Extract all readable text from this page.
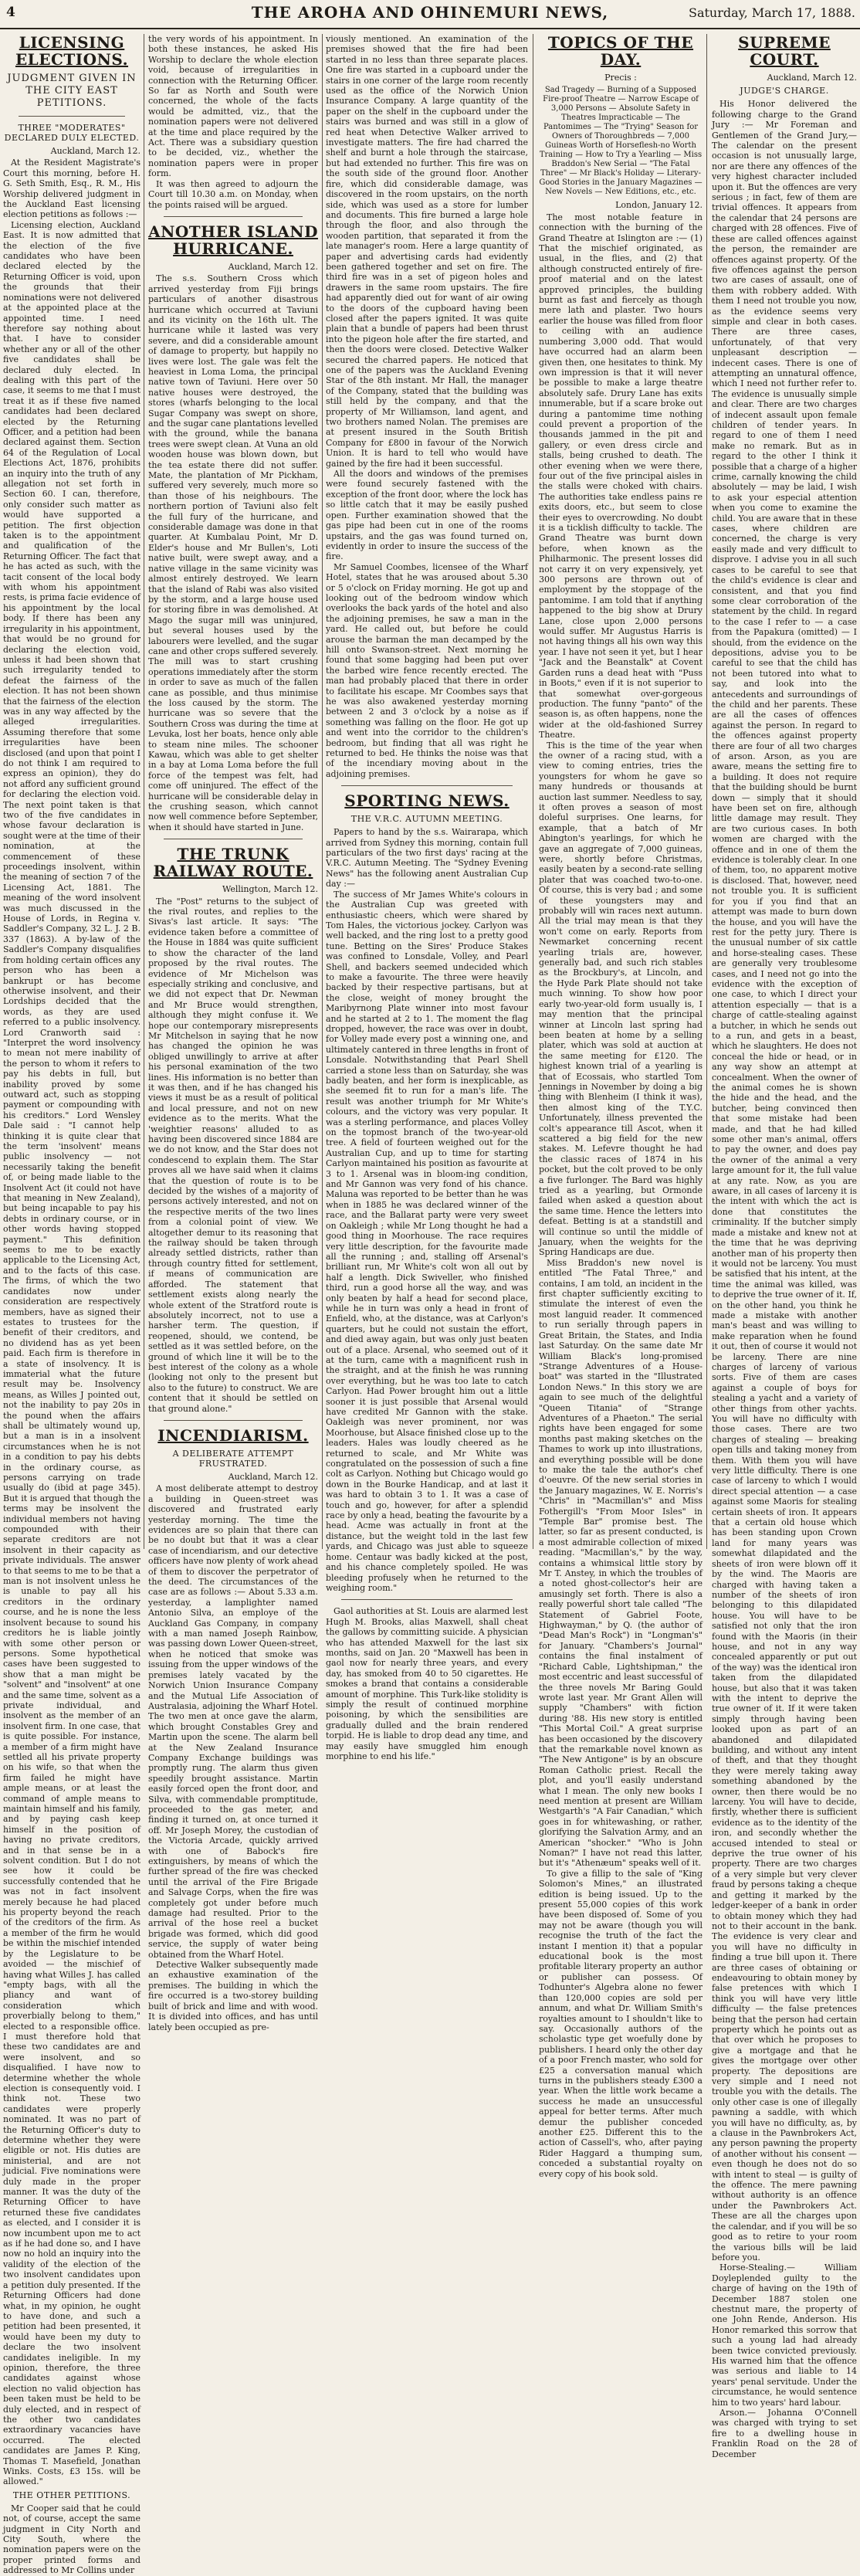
4	THE AROHA AND OHINEMURI NEWS,	Saturday, March 17, 1888.
LICENSING ELECTIONS.
JUDGMENT GIVEN IN THE CITY EAST PETITIONS.
THREE "MODERATES" DECLARED DULY ELECTED.
Auckland, March 12.

At the Resident Magistrate's Court this morning, before H. G. Seth Smith, Esq., R. M., His Worship delivered judgment in the Auckland East licensing election petitions as follows :—

Licensing election, Auckland East. It is now admitted that the election of the five candidates who have been declared elected by the Returning Officer is void, upon the grounds that their nominations were not delivered at the appointed place at the appointed time. I need therefore say nothing about that. I have to consider whether any or all of the other five candidates shall be declared duly elected. In dealing with this part of the case, it seems to me that I must treat it as if these five named candidates had been declared elected by the Returning Officer, and a petition had been declared against them. Section 64 of the Regulation of Local Elections Act, 1876, prohibits an inquiry into the truth of any allegation not set forth in Section 60. I can, therefore, only consider such matter as would have supported a petition. The first objection taken is to the appointment and qualification of the Returning Officer. The fact that he has acted as such, with the tacit consent of the local body with whom his appointment rests, is prima facie evidence of his appointment by the local body. If there has been any irregularity in his appointment, that would be no ground for declaring the election void, unless it had been shown that such irregularity tended to defeat the fairness of the election. It has not been shown that the fairness of the election was in any way affected by the alleged irregularities. Assuming therefore that some irregularities have been disclosed (and upon that point I do not think I am required to express an opinion), they do not afford any sufficient ground for declaring the election void. The next point taken is that two of the five candidates in whose favour declaration is sought were at the time of their nomination, at the commencement of these proceedings insolvent, within the meaning of section 7 of the Licensing Act, 1881. The meaning of the word insolvent was much discussed in the House of Lords, in Regina v. Saddler's Company, 32 L. J. 2 B. 337 (1863). A by-law of the Saddler's Company disqualifies from holding certain offices any person who has been a bankrupt or has become otherwise insolvent, and their Lordships decided that the words, as they are used referred to a public insolvency. Lord Cranworth said : "Interpret the word insolvency to mean not mere inability of the person to whom it refers to pay his debts in full, but inability proved by some outward act, such as stopping payment or compounding with his creditors." Lord Wensley Dale said : "I cannot help thinking it is quite clear that the term 'insolvent' means public insolvency — not necessarily taking the benefit of, or being made liable to the Insolvent Act (it could not have that meaning in New Zealand), but being incapable to pay his debts in ordinary course, or in other words having stopped payment." This definition seems to me to be exactly applicable to the Licensing Act, and to the facts of this case. The firms, of which the two candidates now under consideration are respectively members, have as signed their estates to trustees for the benefit of their creditors, and no dividend has as yet been paid. Each firm is therefore in a state of insolvency. It is immaterial what the future result may be. Insolvency means, as Willes J pointed out, not the inability to pay 20s in the pound when the affairs shall be ultimately wound up, but a man is in a insolvent circumstances when he is not in a condition to pay his debts in the ordinary course, as persons carrying on trade usually do (ibid at page 345). But it is argued that though the terms may be insolvent the individual members not having compounded with their separate creditors are not insolvent in their capacity as private individuals. The answer to that seems to me to be that a man is not insolvent unless he is unable to pay all his creditors in the ordinary course, and he is none the less insolvent because to sound his creditors he is liable jointly with some other person or persons. Some hypothetical cases have been suggested to show that a man might be "solvent" and "insolvent" at one and the same time, solvent as a private individual, and insolvent as the member of an insolvent firm. In one case, that is quite possible. For instance, a member of a firm might have settled all his private property on his wife, so that when the firm failed he might have ample means, or at least the command of ample means to maintain himself and his family, and by paying cash keep himself in the position of having no private creditors, and in that sense be in a solvent condition. But I do not see how it could be successfully contended that he was not in fact insolvent merely because he had placed his property beyond the reach of the creditors of the firm. As a member of the firm he would be within the mischief intended by the Legislature to be avoided — the mischief of having what Willes J. has called "empty bags, with all the pliancy and want of consideration which proverbially belong to them," elected to a responsible office. I must therefore hold that these two candidates are and were insolvent, and so disqualified. I have now to determine whether the whole election is consequently void. I think not. These two candidates were properly nominated. It was no part of the Returning Officer's duty to determine whether they were eligible or not. His duties are ministerial, and are not judicial. Five nominations were duly made in the proper manner. It was the duty of the Returning Officer to have returned these five candidates as elected, and I consider it is now incumbent upon me to act as if he had done so, and I have now no hold an inquiry into the validity of the election of the two insolvent candidates upon a petition duly presented. If the Returning Officers had done what, in my opinion, he ought to have done, and such a petition had been presented, it would have been my duty to declare the two insolvent candidates ineligible. In my opinion, therefore, the three candidates against whose election no valid objection has been taken must be held to be duly elected, and in respect of the other two candidates extraordinary vacancies have occurred. The elected candidates are James P. King, Thomas T. Masefield, Jonathan Winks. Costs, £3 15s. will be allowed."

THE OTHER PETITIONS.

Mr Cooper said that he could not, of course, accept the same judgment in City North and City South, where the nomination papers were on the proper printed forms and addressed to Mr Collins under

the very words of his appointment. In both these instances, he asked His Worship to declare the whole election void, because of irregularities in connection with the Returning Officer. So far as North and South were concerned, the whole of the facts would be admitted, viz., that the nomination papers were not delivered at the time and place required by the Act. There was a subsidiary question to be decided, viz., whether the nomination papers were in proper form.

It was then agreed to adjourn the Court till 10.30 a.m. on Monday, when the points raised will be argued.

ANOTHER ISLAND HURRICANE.
Auckland, March 12.

The s.s. Southern Cross which arrived yesterday from Fiji brings particulars of another disastrous hurricane which occurred at Taviuni and its vicinity on the 16th ult. The hurricane while it lasted was very severe, and did a considerable amount of damage to property, but happily no lives were lost. The gale was felt the heaviest in Loma Loma, the principal native town of Taviuni. Here over 50 native houses were destroyed, the stores (wharfs belonging to the local Sugar Company was swept on shore, and the sugar cane plantations levelled with the ground, while the banana trees were swept clean. At Vuna an old wooden house was blown down, but the tea estate there did not suffer. Mate, the plantation of Mr Pickham, suffered very severely, much more so than those of his neighbours. The northern portion of Taviuni also felt the full fury of the hurricane, and considerable damage was done in that quarter. At Kumbalau Point, Mr D. Elder's house and Mr Bullen's, Loti native built, were swept away, and a native village in the same vicinity was almost entirely destroyed. We learn that the island of Rabi was also visited by the storm, and a large house used for storing fibre in was demolished. At Mago the sugar mill was uninjured, but several houses used by the labourers were levelled, and the sugar cane and other crops suffered severely. The mill was to start crushing operations immediately after the storm in order to save as much of the fallen cane as possible, and thus minimise the loss caused by the storm. The hurricane was so severe that the Southern Cross was during the time at Levuka, lost her boats, hence only able to steam nine miles. The schooner Kawau, which was able to get shelter in a bay at Loma Loma before the full force of the tempest was felt, had come off uninjured. The effect of the hurricane will be considerable delay in the crushing season, which cannot now well commence before September, when it should have started in June.

THE TRUNK RAILWAY ROUTE.
Wellington, March 12.

The "Post" returns to the subject of the rival routes, and replies to the Sivas's last article. It says: "The evidence taken before a committee of the House in 1884 was quite sufficient to show the character of the land proposed by the rival routes. The evidence of Mr Michelson was especially striking and conclusive, and we did not expect that Dr. Newman and Mr Bruce would strengthen, although they might confuse it. We hope our contemporary misrepresents Mr Mitchelson in saying that he now has changed the opinion he was obliged unwillingly to arrive at after his personal examination of the two lines. His information is no better than it was then, and if he has changed his views it must be as a result of political and local pressure, and not on new evidence as to the merits. What the 'weightier reasons' alluded to as having been discovered since 1884 are we do not know, and the Star does not condescend to explain them. The Star proves all we have said when it claims that the question of route is to be decided by the wishes of a majority of persons actively interested, and not on the respective merits of the two lines from a colonial point of view. We altogether demur to its reasoning that the railway should be taken through already settled districts, rather than through country fitted for settlement, if means of communication are afforded. The statement that settlement exists along nearly the whole extent of the Stratford route is absolutely incorrect, not to use a harsher term. The question, if reopened, should, we contend, be settled as it was settled before, on the ground of which line it will be to the best interest of the colony as a whole (looking not only to the present but also to the future) to construct. We are content that it should be settled on that ground alone."

INCENDIARISM.
A DELIBERATE ATTEMPT FRUSTRATED.
Auckland, March 12.

A most deliberate attempt to destroy a building in Queen-street was discovered and frustrated early yesterday morning. The time the evidences are so plain that there can be no doubt but that it was a clear case of incendiarism, and our detective officers have now plenty of work ahead of them to discover the perpetrator of the deed. The circumstances of the case are as follows :— About 5.33 a.m. yesterday, a lamplighter named Antonio Silva, an employe of the Auckland Gas Company, in company with a man named Joseph Rainbow, was passing down Lower Queen-street, when he noticed that smoke was issuing from the upper windows of the premises lately vacated by the Norwich Union Insurance Company and the Mutual Life Association of Australasia, adjoining the Wharf Hotel. The two men at once gave the alarm, which brought Constables Grey and Martin upon the scene. The alarm bell at the New Zealand Insurance Company Exchange buildings was promptly rung. The alarm thus given speedily brought assistance. Martin easily forced open the front door, and Silva, with commendable promptitude, proceeded to the gas meter, and finding it turned on, at once turned it off. Mr Joseph Morey, the custodian of the Victoria Arcade, quickly arrived with one of Babock's fire extinguishers, by means of which the further spread of the fire was checked until the arrival of the Fire Brigade and Salvage Corps, when the fire was completely got under before much damage had resulted. Prior to the arrival of the hose reel a bucket brigade was formed, which did good service, the supply of water being obtained from the Wharf Hotel.

Detective Walker subsequently made an exhaustive examination of the premises. The building in which the fire occurred is a two-storey building built of brick and lime and with wood. It is divided into offices, and has until lately been occupied as pre-

viously mentioned. An examination of the premises showed that the fire had been started in no less than three separate places. One fire was started in a cupboard under the stairs in one corner of the large room recently used as the office of the Norwich Union Insurance Company. A large quantity of the paper on the shelf in the cupboard under the stairs was burned and was still in a glow of red heat when Detective Walker arrived to investigate matters. The fire had charred the shelf and burnt a hole through the staircase, but had extended no further. This fire was on the south side of the ground floor. Another fire, which did considerable damage, was discovered in the room upstairs, on the north side, which was used as a store for lumber and documents. This fire burned a large hole through the floor, and also through the wooden partition, that separated it from the late manager's room. Here a large quantity of paper and advertising cards had evidently been gathered together and set on fire. The third fire was in a set of pigeon holes and drawers in the same room upstairs. The fire had apparently died out for want of air owing to the doors of the cupboard having been closed after the papers ignited. It was quite plain that a bundle of papers had been thrust into the pigeon hole after the fire started, and then the doors were closed. Detective Walker secured the charred papers. He noticed that one of the papers was the Auckland Evening Star of the 8th instant. Mr Hall, the manager of the Company, stated that the building was still held by the company, and that the property of Mr Williamson, land agent, and two brothers named Nolan. The premises are at present insured in the South British Company for £800 in favour of the Norwich Union. It is hard to tell who would have gained by the fire had it been successful.

All the doors and windows of the premises were found securely fastened with the exception of the front door, where the lock has so little catch that it may be easily pushed open. Further examination showed that the gas pipe had been cut in one of the rooms upstairs, and the gas was found turned on, evidently in order to insure the success of the fire.

Mr Samuel Coombes, licensee of the Wharf Hotel, states that he was aroused about 5.30 or 5 o'clock on Friday morning. He got up and looking out of the bedroom window which overlooks the back yards of the hotel and also the adjoining premises, he saw a man in the yard. He called out, but before he could arouse the barman the man decamped by the hill onto Swanson-street. Next morning he found that some bagging had been put over the barbed wire fence recently erected. The man had probably placed that there in order to facilitate his escape. Mr Coombes says that he was also awakened yesterday morning between 2 and 3 o'clock by a noise as if something was falling on the floor. He got up and went into the corridor to the children's bedroom, but finding that all was right he returned to bed. He thinks the noise was that of the incendiary moving about in the adjoining premises.

SPORTING NEWS.
THE V.R.C. AUTUMN MEETING.

Papers to hand by the s.s. Wairarapa, which arrived from Sydney this morning, contain full particulars of the two first days' racing at the V.R.C. Autumn Meeting. The "Sydney Evening News" has the following anent Australian Cup day :—

The success of Mr James White's colours in the Australian Cup was greeted with enthusiastic cheers, which were shared by Tom Hales, the victorious jockey. Carlyon was well backed, and the ring lost to a pretty good tune. Betting on the Sires' Produce Stakes was confined to Lonsdale, Volley, and Pearl Shell, and backers seemed undecided which to make a favourite. The three were heavily backed by their respective partisans, but at the close, weight of money brought the Maribyrnong Plate winner into most favour and he started at 2 to 1. The moment the flag dropped, however, the race was over in doubt, for Volley made every post a winning one, and ultimately cantered in three lengths in front of Lonsdale. Notwithstanding that Pearl Shell carried a stone less than on Saturday, she was badly beaten, and her form is inexplicable, as she seemed fit to run for a man's life. The result was another triumph for Mr White's colours, and the victory was very popular. It was a sterling performance, and places Volley on the topmost branch of the two-year-old tree. A field of fourteen weighed out for the Australian Cup, and up to time for starting Carlyon maintained his position as favourite at 3 to 1. Arsenal was in bloom-ing condition, and Mr Gannon was very fond of his chance. Maluna was reported to be better than he was when in 1885 he was declared winner of the race, and the Ballarat party were very sweet on Oakleigh ; while Mr Long thought he had a good thing in Moorhouse. The race requires very little description, for the favourite made all the running ; and, stalling off Arsenal's brilliant run, Mr White's colt won all out by half a length. Dick Swiveller, who finished third, run a good horse all the way, and was only beaten by half a head for second place, while he in turn was only a head in front of Enfield, who, at the distance, was at Carlyon's quarters, but he could not sustain the effort, and died away again, but was only just beaten out of a place. Arsenal, who seemed out of it at the turn, came with a magnificent rush in the straight, and at the finish he was running over everything, but he was too late to catch Carlyon. Had Power brought him out a little sooner it is just possible that Arsenal would have credited Mr Gannon with the stake. Oakleigh was never prominent, nor was Moorhouse, but Alsace finished close up to the leaders. Hales was loudly cheered as he returned to scale, and Mr White was congratulated on the possession of such a fine colt as Carlyon. Nothing but Chicago would go down in the Bourke Handicap, and at last it was hard to obtain 3 to 1. It was a case of touch and go, however, for after a splendid race by only a head, beating the favourite by a head. Acme was actually in front at the distance, but the weight told in the last few yards, and Chicago was just able to squeeze home. Centaur was badly kicked at the post, and his chance completely spoiled. He was bleeding profusely when he returned to the weighing room."

Gaol authorities at St. Louis are alarmed lest Hugh M. Brooks, alias Maxwell, shall cheat the gallows by committing suicide. A physician who has attended Maxwell for the last six months, said on Jan. 20 "Maxwell has been in gaol now for nearly three years, and every day, has smoked from 40 to 50 cigarettes. He smokes a brand that contains a considerable amount of morphine. This Turk-like stolidity is simply the result of continued morphine poisoning, by which the sensibilities are gradually dulled and the brain rendered torpid. He is liable to drop dead any time, and may easily have smuggled him enough morphine to end his life."

TOPICS OF THE DAY.
Precis :
Sad Tragedy — Burning of a Supposed Fire-proof Theatre — Narrow Escape of 3,000 Persons — Absolute Safety in Theatres Impracticable — The Pantomimes — The "Trying" Season for Owners of Thoroughbreds — 7,000 Guineas Worth of Horseflesh-no Worth Training — How to Try a Yearling — Miss Braddon's New Serial — "The Fatal Three" — Mr Black's Holiday — Literary-Good Stories in the January Magazines — New Novels — New Editions, etc., etc.
London, January 12.

The most notable feature in connection with the burning of the Grand Theatre at Islington are :— (1) That the mischief originated, as usual, in the flies, and (2) that although constructed entirely of fire-proof material and on the latest approved principles, the building burnt as fast and fiercely as though mere lath and plaster. Two hours earlier the house was filled from floor to ceiling with an audience numbering 3,000 odd. That would have occurred had an alarm been given then, one hesitates to think. My own impression is that it will never be possible to make a large theatre absolutely safe. Drury Lane has exits innumerable, but if a scare broke out during a pantomime time nothing could prevent a proportion of the thousands jammed in the pit and gallery, or even dress circle and stalls, being crushed to death. The other evening when we were there, four out of the five principal aisles in the stalls were choked with chairs. The authorities take endless pains re exits doors, etc., but seem to close their eyes to overcrowding. No doubt it is a ticklish difficulty to tackle. The Grand Theatre was burnt down before, when known as the Philharmonic. The present losses did not carry it on very expensively, yet 300 persons are thrown out of employment by the stoppage of the pantomime. I am told that if anything happened to the big show at Drury Lane, close upon 2,000 persons would suffer. Mr Augustus Harris is not having things all his own way this year. I have not seen it yet, but I hear "Jack and the Beanstalk" at Covent Garden runs a dead heat with "Puss in Boots," even if it is not superior to that somewhat over-gorgeous production. The funny "panto" of the season is, as often happens, none the wider at the old-fashioned Surrey Theatre.

This is the time of the year when the owner of a racing stud, with a view to coming entries, tries the youngsters for whom he gave so many hundreds or thousands at auction last summer. Needless to say, it often proves a season of most doleful surprises. One learns, for example, that a batch of Mr Abington's yearlings, for which he gave an aggregate of 7,000 guineas, were, shortly before Christmas, easily beaten by a second-rate selling plater that was coached two-to-one. Of course, this is very bad ; and some of these youngsters may and probably will win races next autumn. All the trial may mean is that they won't come on early. Reports from Newmarket concerning recent yearling trials are, however, generally bad, and such rich stables as the Brockbury's, at Lincoln, and the Hyde Park Plate should not take much winning. To show how poor early two-year-old form usually is, I may mention that the principal winner at Lincoln last spring had been beaten at home by a selling plater, which was sold at auction at the same meeting for £120. The highest known trial of a yearling is that of Ecossais, who startled Tom Jennings in November by doing a big thing with Blenheim (I think it was), then almost king of the T.Y.C. Unfortunately, illness prevented the colt's appearance till Ascot, when it scattered a big field for the new stakes. M. Lefevre thought he had the classic races of 1874 in his pocket, but the colt proved to be only a five furlonger. The Bard was highly tried as a yearling, but Ormonde failed when asked a question about the same time. Hence the letters into defeat. Betting is at a standstill and will continue so until the middle of January, when the weights for the Spring Handicaps are due.

Miss Braddon's new novel is entitled "The Fatal Three," and contains, I am told, an incident in the first chapter sufficiently exciting to stimulate the interest of even the most languid reader. It commenced to run serially through papers in Great Britain, the States, and India last Saturday. On the same date Mr William Black's long-promised "Strange Adventures of a House-boat" was started in the "Illustrated London News." In this story we are again to see much of the delightful "Queen Titania" of "Strange Adventures of a Phaeton." The serial rights have been engaged for some months past making sketches on the Thames to work up into illustrations, and everything possible will be done to make the tale the author's chef d'oeuvre. Of the new serial stories in the January magazines, W. E. Norris's "Chris" in "Macmillan's" and Miss Fothergill's "From Moor Isles" in "Temple Bar" promise best. The latter, so far as present conducted, is a most admirable collection of mixed reading. "Macmillan's," by the way, contains a whimsical little story by Mr T. Anstey, in which the troubles of a noted ghost-collector's heir are amusingly set forth. There is also a really powerful short tale called "The Statement of Gabriel Foote, Highwayman," by Q. (the author of "Dead Man's Rock") in "Longman's" for January. "Chambers's Journal" contains the final instalment of "Richard Cable, Lightshipman," the most eccentric and least successful of the three novels Mr Baring Gould wrote last year. Mr Grant Allen will supply "Chambers" with fiction during '88. His new story is entitled "This Mortal Coil." A great surprise has been occasioned by the discovery that the remarkable novel known as "The New Antigone" is by an obscure Roman Catholic priest. Recall the plot, and you'll easily understand what I mean. The only new books I need mention at present are William Westgarth's "A Fair Canadian," which goes in for whitewashing, or rather, glorifying the Salvation Army, and an American "shocker." "Who is John Noman?" I have not read this latter, but it's "Athenæum" speaks well of it.

To give a fillip to the sale of "King Solomon's Mines," an illustrated edition is being issued. Up to the present 55,000 copies of this work have been disposed of. Some of you may not be aware (though you will recognise the truth of the fact the instant I mention it) that a popular educational book is the most profitable literary property an author or publisher can possess. Of Todhunter's Algebra alone no fewer than 120,000 copies are sold per annum, and what Dr. William Smith's royalties amount to I shouldn't like to say. Occasionally authors of the scholastic type get woefully done by publishers. I heard only the other day of a poor French master, who sold for £25 a conversation manual which turns in the publishers steady £300 a year. When the little work became a success he made an unsuccessful appeal for better terms. After much demur the publisher conceded another £25. Different this to the action of Cassell's, who, after paying Rider Haggard a thumping sum, conceded a substantial royalty on every copy of his book sold.

SUPREME COURT.
Auckland, March 12.
JUDGE'S CHARGE.

His Honor delivered the following charge to the Grand Jury :— Mr Foreman and Gentlemen of the Grand Jury,— The calendar on the present occasion is not unusually large, nor are there any offences of the very highest character included upon it. But the offences are very serious ; in fact, few of them are trivial offences. It appears from the calendar that 24 persons are charged with 28 offences. Five of these are called offences against the person, the remainder are offences against property. Of the five offences against the person two are cases of assault, one of them with robbery added. With them I need not trouble you now, as the evidence seems very simple and clear in both cases. There are three cases, unfortunately, of that very unpleasant description — indecent cases. There is one of attempting an unnatural offence, which I need not further refer to. The evidence is unusually simple and clear. There are two charges of indecent assault upon female children of tender years. In regard to one of them I need make no remark. But as in regard to the other I think it possible that a charge of a higher crime, carnally knowing the child absolutely — may be laid, I wish to ask your especial attention when you come to examine the child. You are aware that in these cases, where children are concerned, the charge is very easily made and very difficult to disprove. I advise you in all such cases to be careful to see that the child's evidence is clear and consistent, and that you find some clear corroboration of the statement by the child. In regard to the case I refer to — a case from the Papakura (omitted) — I should, from the evidence on the depositions, advise you to be careful to see that the child has not been tutored into what to say, and look into the antecedents and surroundings of the child and her parents. These are all the cases of offences against the person. In regard to the offences against property there are four of all two charges of arson. Arson, as you are aware, means the setting fire to a building. It does not require that the building should be burnt down — simply that it should have been set on fire, although little damage may result. They are two curious cases. In both women are charged with the offence and in one of them the evidence is tolerably clear. In one of them, too, no apparent motive is disclosed. That, however, need not trouble you. It is sufficient for you if you find that an attempt was made to burn down the house, and you will have the rest for the petty jury. There is the unusual number of six cattle and horse-stealing cases. These are generally very troublesome cases, and I need not go into the evidence with the exception of one case, to which I direct your attention especially — that is a charge of cattle-stealing against a butcher, in which he sends out to a run, and gets in a beast, which he slaughters. He does not conceal the hide or head, or in any way show an attempt at concealment. When the owner of the animal comes he is shown the hide and the head, and the butcher, being convinced then that some mistake had been made, and that he had killed some other man's animal, offers to pay the owner, and does pay the owner of the animal a very large amount for it, the full value at any rate. Now, as you are aware, in all cases of larceny it is the intent with which the act is done that constitutes the criminality. If the butcher simply made a mistake and knew not at the time that he was depriving another man of his property then it would not be larceny. You must be satisfied that his intent, at the time the animal was killed, was to deprive the true owner of it. If, on the other hand, you think he made a mistake with another man's beast and was willing to make reparation when he found it out, then of course it would not be larceny. There are nine charges of larceny of various sorts. Five of them are cases against a couple of boys for stealing a yacht and a variety of other things from other yachts. You will have no difficulty with those cases. There are two charges of stealing — breaking open tills and taking money from them. With them you will have very little difficulty. There is one case of larceny to which I would direct special attention — a case against some Maoris for stealing certain sheets of iron. It appears that a certain old house which has been standing upon Crown land for many years was somewhat dilapidated and the sheets of iron were blown off it by the wind. The Maoris are charged with having taken a number of the sheets of iron belonging to this dilapidated house. You will have to be satisfied not only that the iron found with the Maoris (in their house, and not in any way concealed apparently or put out of the way) was the identical iron taken from the dilapidated house, but also that it was taken with the intent to deprive the true owner of it. If it were taken simply through having been looked upon as part of an abandoned and dilapidated building, and without any intent of theft, and that they thought they were merely taking away something abandoned by the owner, then there would be no larceny. You will have to decide, firstly, whether there is sufficient evidence as to the identity of the iron, and secondly whether the accused intended to steal or deprive the true owner of his property. There are two charges of a very simple but very clever fraud by persons taking a cheque and getting it marked by the ledger-keeper of a bank in order to obtain money which they had not to their account in the bank. The evidence is very clear and you will have no difficulty in finding a true bill upon it. There are three cases of obtaining or endeavouring to obtain money by false pretences with which I think you will have very little difficulty — the false pretences being that the person had certain property which he points out as that over which he proposes to give a mortgage and that he gives the mortgage over other property. The depositions are very simple and I need not trouble you with the details. The only other case is one of illegally pawning a saddle, with which you will have no difficulty, as, by a clause in the Pawnbrokers Act, any person pawning the property of another without his consent — even though he does not do so with intent to steal — is guilty of the offence. The mere pawning without authority is an offence under the Pawnbrokers Act. These are all the charges upon the calendar, and if you will be so good as to retire to your room the various bills will be laid before you.

Horse-Stealing.— William Doyleplended guilty to the charge of having on the 19th of December 1887 stolen one chestnut mare, the property of one John Rende, Anderson. His Honor remarked this sorrow that such a young lad had already been twice convicted previously. His warned him that the offence was serious and liable to 14 years' penal servitude. Under the circumstance, he would sentence him to two years' hard labour.

Arson.— Johanna O'Connell was charged with trying to set fire to a dwelling house in Franklin Road on the 28 of December
